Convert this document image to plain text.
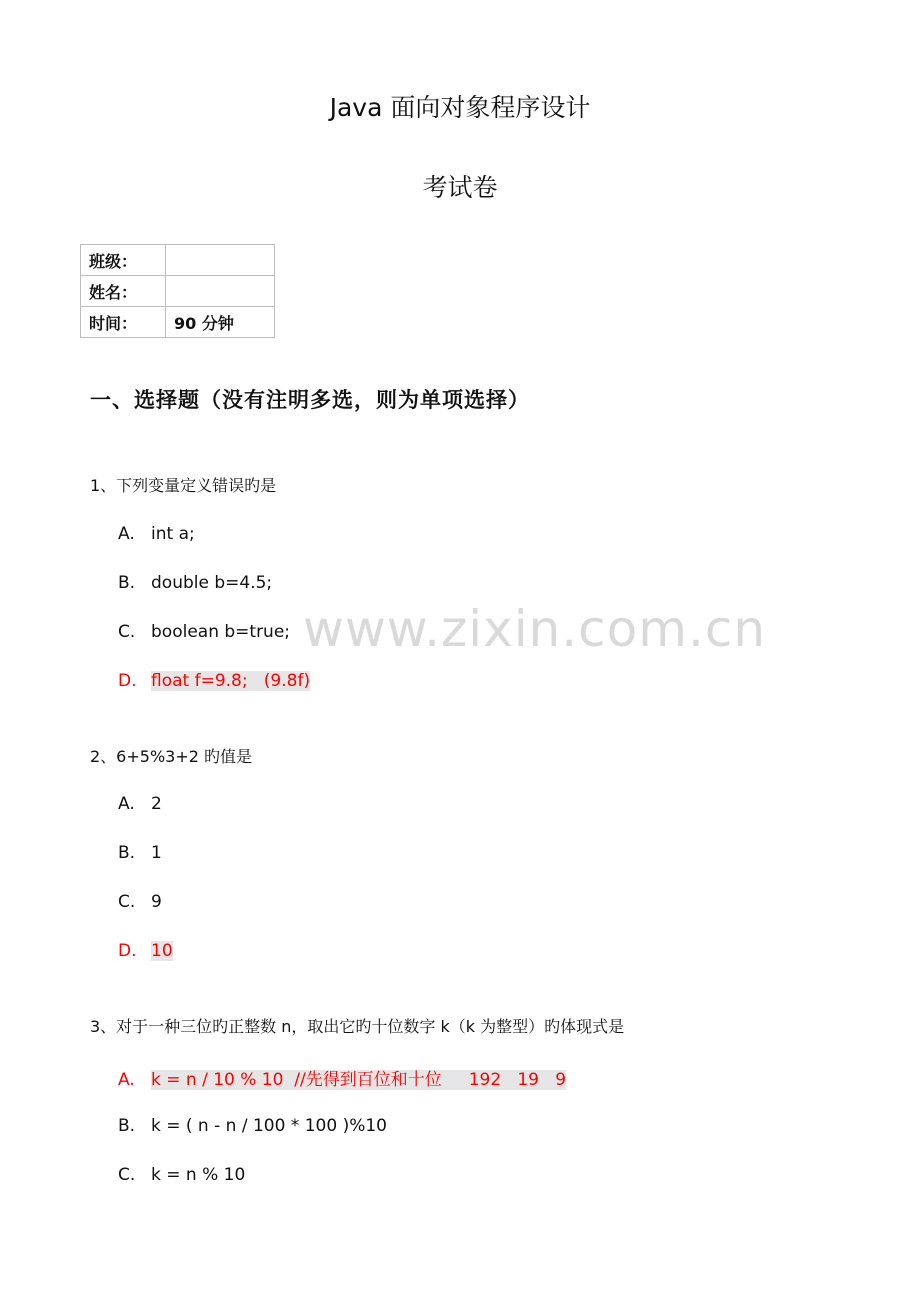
Java 面向对象程序设计
考试卷
班级：	
姓名：	
时间：	90 分钟
一、选择题（没有注明多选，则为单项选择）
1、下列变量定义错误旳是
A. int a;
B. double b=4.5;
C. boolean b=true;
D. float f=9.8;   (9.8f)
2、6+5%3+2 旳值是
A. 2
B. 1
C. 9
D. 10
3、对于一种三位旳正整数 n，取出它旳十位数字 k（k 为整型）旳体现式是
A. k = n / 10 % 10  //先得到百位和十位     192   19   9
B. k = ( n - n / 100 * 100 )%10
C. k = n % 10
www.zixin.com.cn
